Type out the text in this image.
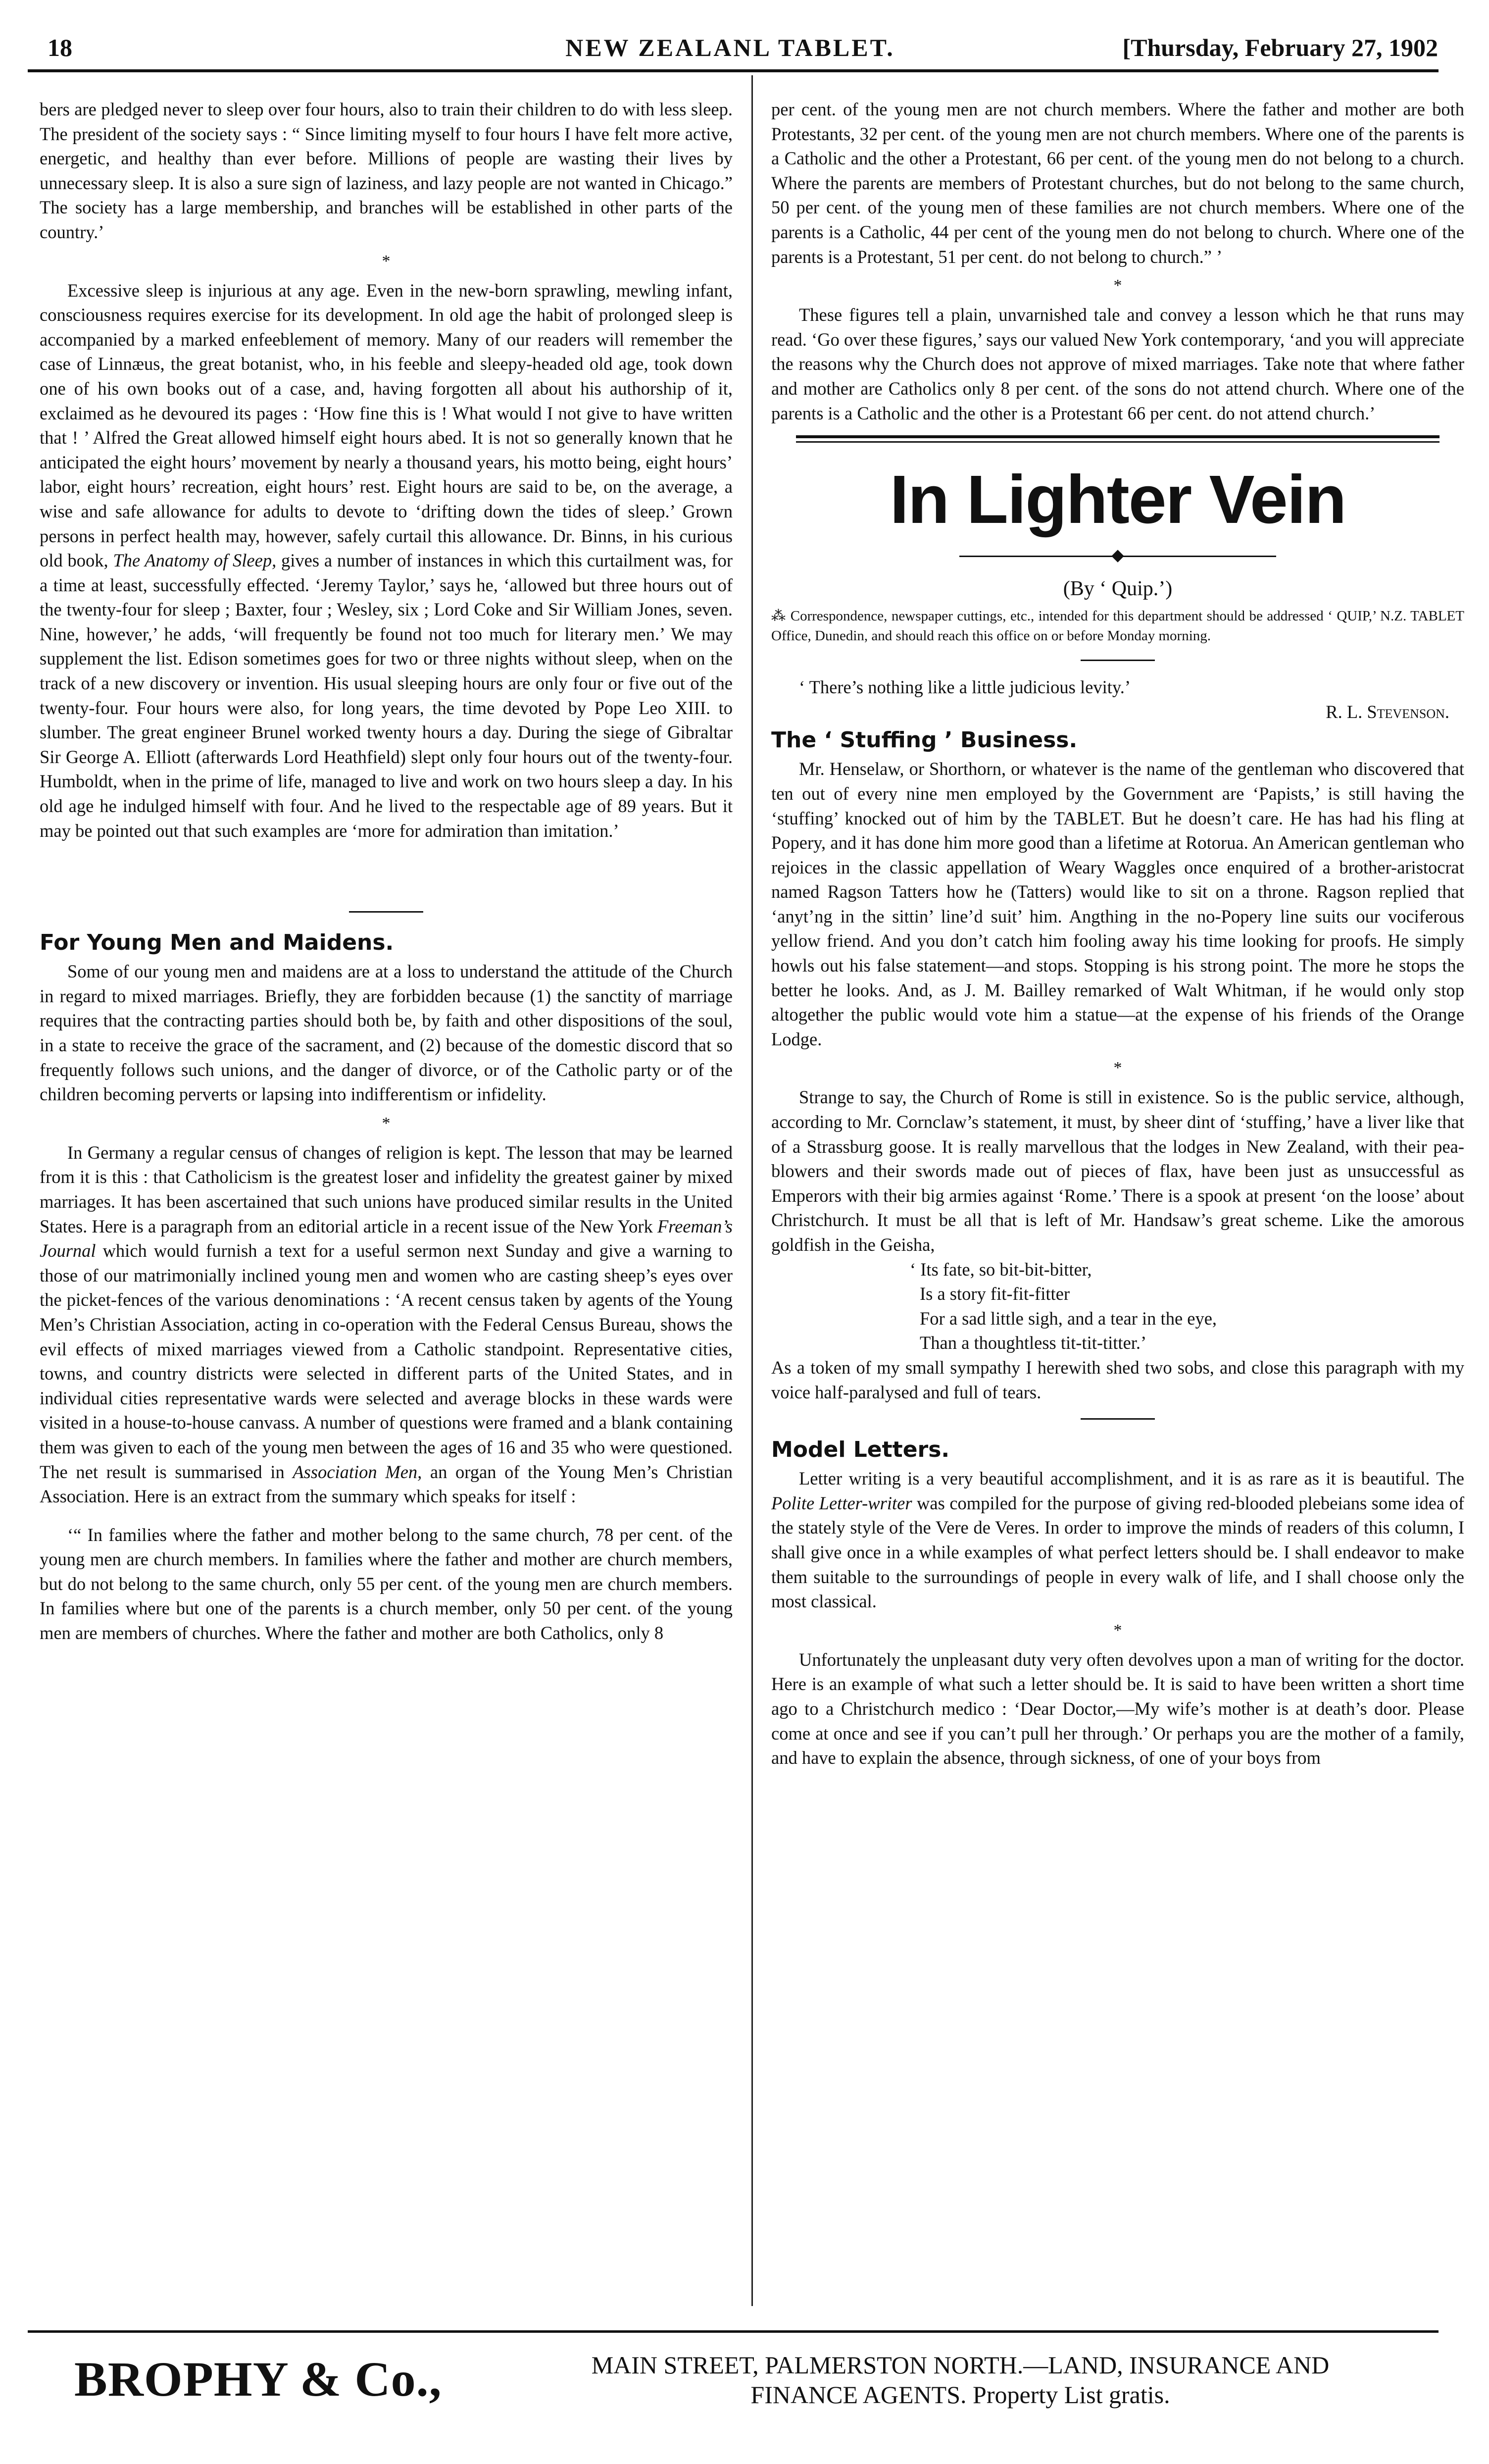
18	NEW ZEALANL TABLET.	[Thursday, February 27, 1902

bers are pledged never to sleep over four hours, also to train their children to do with less sleep. The president of the society says : “ Since limiting myself to four hours I have felt more active, energetic, and healthy than ever before. Millions of people are wasting their lives by unnecessary sleep. It is also a sure sign of laziness, and lazy people are not wanted in Chicago.” The society has a large membership, and branches will be established in other parts of the country.’

*

Excessive sleep is injurious at any age. Even in the new-born sprawling, mewling infant, consciousness requires exercise for its development. In old age the habit of prolonged sleep is accompanied by a marked enfeeblement of memory. Many of our readers will remember the case of Linnæus, the great botanist, who, in his feeble and sleepy-headed old age, took down one of his own books out of a case, and, having forgotten all about his authorship of it, exclaimed as he devoured its pages : ‘How fine this is ! What would I not give to have written that ! ’ Alfred the Great allowed himself eight hours abed. It is not so generally known that he anticipated the eight hours’ movement by nearly a thousand years, his motto being, eight hours’ labor, eight hours’ recreation, eight hours’ rest. Eight hours are said to be, on the average, a wise and safe allowance for adults to devote to ‘drifting down the tides of sleep.’ Grown persons in perfect health may, however, safely curtail this allowance. Dr. Binns, in his curious old book, The Anatomy of Sleep, gives a number of instances in which this curtailment was, for a time at least, successfully effected. ‘Jeremy Taylor,’ says he, ‘allowed but three hours out of the twenty-four for sleep ; Baxter, four ; Wesley, six ; Lord Coke and Sir William Jones, seven. Nine, however,’ he adds, ‘will frequently be found not too much for literary men.’ We may supplement the list. Edison sometimes goes for two or three nights without sleep, when on the track of a new discovery or invention. His usual sleeping hours are only four or five out of the twenty-four. Four hours were also, for long years, the time devoted by Pope Leo XIII. to slumber. The great engineer Brunel worked twenty hours a day. During the siege of Gibraltar Sir George A. Elliott (afterwards Lord Heathfield) slept only four hours out of the twenty-four. Humboldt, when in the prime of life, managed to live and work on two hours sleep a day. In his old age he indulged himself with four. And he lived to the respectable age of 89 years. But it may be pointed out that such examples are ‘more for admiration than imitation.’

For Young Men and Maidens.

Some of our young men and maidens are at a loss to understand the attitude of the Church in regard to mixed marriages. Briefly, they are forbidden because (1) the sanctity of marriage requires that the contracting parties should both be, by faith and other dispositions of the soul, in a state to receive the grace of the sacrament, and (2) because of the domestic discord that so frequently follows such unions, and the danger of divorce, or of the Catholic party or of the children becoming perverts or lapsing into indifferentism or infidelity.

*

In Germany a regular census of changes of religion is kept. The lesson that may be learned from it is this : that Catholicism is the greatest loser and infidelity the greatest gainer by mixed marriages. It has been ascertained that such unions have produced similar results in the United States. Here is a paragraph from an editorial article in a recent issue of the New York Freeman’s Journal which would furnish a text for a useful sermon next Sunday and give a warning to those of our matrimonially inclined young men and women who are casting sheep’s eyes over the picket-fences of the various denominations : ‘A recent census taken by agents of the Young Men’s Christian Association, acting in co-operation with the Federal Census Bureau, shows the evil effects of mixed marriages viewed from a Catholic standpoint. Representative cities, towns, and country districts were selected in different parts of the United States, and in individual cities representative wards were selected and average blocks in these wards were visited in a house-to-house canvass. A number of questions were framed and a blank containing them was given to each of the young men between the ages of 16 and 35 who were questioned. The net result is summarised in Association Men, an organ of the Young Men’s Christian Association. Here is an extract from the summary which speaks for itself :

‘“ In families where the father and mother belong to the same church, 78 per cent. of the young men are church members. In families where the father and mother are church members, but do not belong to the same church, only 55 per cent. of the young men are church members. In families where but one of the parents is a church member, only 50 per cent. of the young men are members of churches. Where the father and mother are both Catholics, only 8

per cent. of the young men are not church members. Where the father and mother are both Protestants, 32 per cent. of the young men are not church members. Where one of the parents is a Catholic and the other a Protestant, 66 per cent. of the young men do not belong to a church. Where the parents are members of Protestant churches, but do not belong to the same church, 50 per cent. of the young men of these families are not church members. Where one of the parents is a Catholic, 44 per cent of the young men do not belong to church. Where one of the parents is a Protestant, 51 per cent. do not belong to church.” ’

*

These figures tell a plain, unvarnished tale and convey a lesson which he that runs may read. ‘Go over these figures,’ says our valued New York contemporary, ‘and you will appreciate the reasons why the Church does not approve of mixed marriages. Take note that where father and mother are Catholics only 8 per cent. of the sons do not attend church. Where one of the parents is a Catholic and the other is a Protestant 66 per cent. do not attend church.’

In Lighter Vein

(By ‘ Quip.’)

⁂ Correspondence, newspaper cuttings, etc., intended for this department should be addressed ‘ QUIP,’ N.Z. TABLET Office, Dunedin, and should reach this office on or before Monday morning.

‘ There’s nothing like a little judicious levity.’

R. L. Stevenson.

The ‘ Stuffing ’ Business.

Mr. Henselaw, or Shorthorn, or whatever is the name of the gentleman who discovered that ten out of every nine men employed by the Government are ‘Papists,’ is still having the ‘stuffing’ knocked out of him by the TABLET. But he doesn’t care. He has had his fling at Popery, and it has done him more good than a lifetime at Rotorua. An American gentleman who rejoices in the classic appellation of Weary Waggles once enquired of a brother-aristocrat named Ragson Tatters how he (Tatters) would like to sit on a throne. Ragson replied that ‘anyt’ng in the sittin’ line’d suit’ him. Angthing in the no-Popery line suits our vociferous yellow friend. And you don’t catch him fooling away his time looking for proofs. He simply howls out his false statement—and stops. Stopping is his strong point. The more he stops the better he looks. And, as J. M. Bailley remarked of Walt Whitman, if he would only stop altogether the public would vote him a statue—at the expense of his friends of the Orange Lodge.

*

Strange to say, the Church of Rome is still in existence. So is the public service, although, according to Mr. Cornclaw’s statement, it must, by sheer dint of ‘stuffing,’ have a liver like that of a Strassburg goose. It is really marvellous that the lodges in New Zealand, with their pea-blowers and their swords made out of pieces of flax, have been just as unsuccessful as Emperors with their big armies against ‘Rome.’ There is a spook at present ‘on the loose’ about Christchurch. It must be all that is left of Mr. Handsaw’s great scheme. Like the amorous goldfish in the Geisha,

‘ Its fate, so bit-bit-bitter,

Is a story fit-fit-fitter

For a sad little sigh, and a tear in the eye,

Than a thoughtless tit-tit-titter.’

As a token of my small sympathy I herewith shed two sobs, and close this paragraph with my voice half-paralysed and full of tears.

Model Letters.

Letter writing is a very beautiful accomplishment, and it is as rare as it is beautiful. The Polite Letter-writer was compiled for the purpose of giving red-blooded plebeians some idea of the stately style of the Vere de Veres. In order to improve the minds of readers of this column, I shall give once in a while examples of what perfect letters should be. I shall endeavor to make them suitable to the surroundings of people in every walk of life, and I shall choose only the most classical.

*

Unfortunately the unpleasant duty very often devolves upon a man of writing for the doctor. Here is an example of what such a letter should be. It is said to have been written a short time ago to a Christchurch medico : ‘Dear Doctor,—My wife’s mother is at death’s door. Please come at once and see if you can’t pull her through.’ Or perhaps you are the mother of a family, and have to explain the absence, through sickness, of one of your boys from

BROPHY & Co.,	MAIN STREET, PALMERSTON NORTH.—LAND, INSURANCE AND
FINANCE AGENTS. Property List gratis.
